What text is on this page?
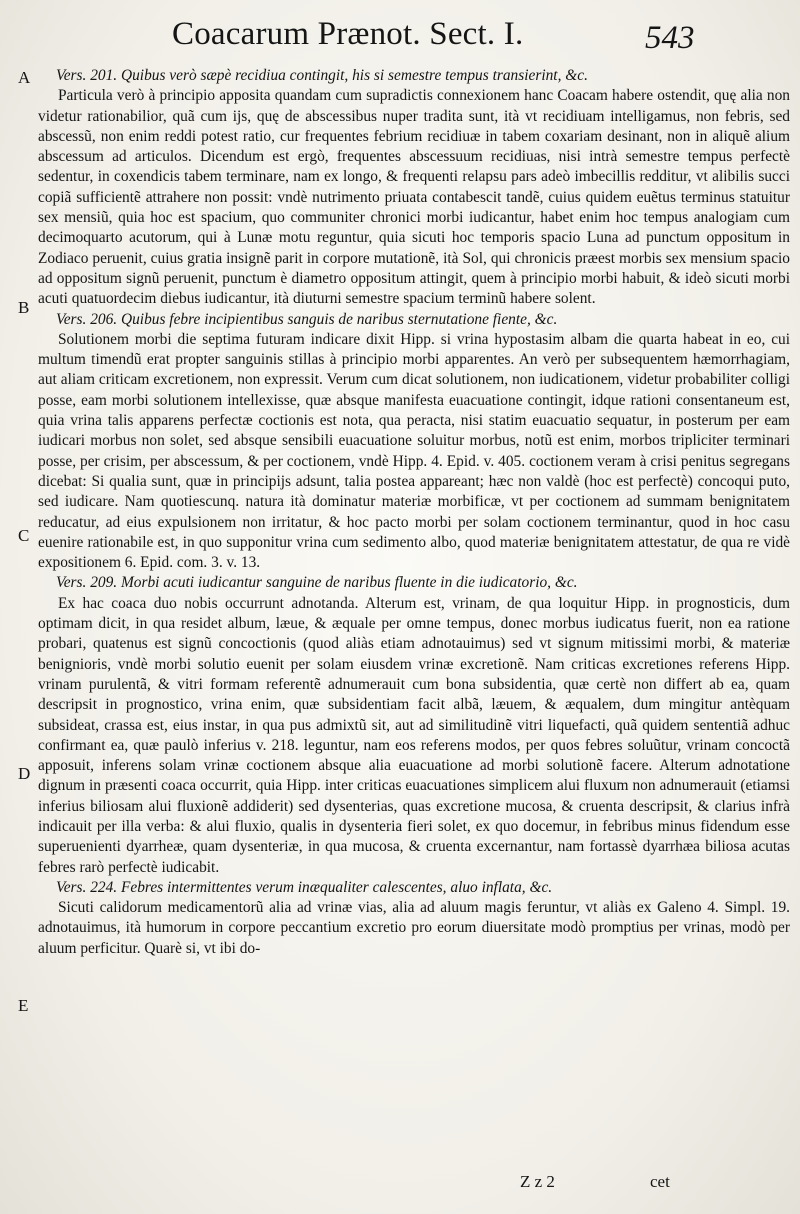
Coacarum Prænot. Sect. I.	543
A
B
C
D
E

Vers. 201. Quibus verò sæpè recidiua contingit, his si semestre tempus transierint, &c.

Particula verò à principio apposita quandam cum supradictis connexionem hanc Coacam habere ostendit, quę alia non videtur rationabilior, quã cum ijs, quę de abscessibus nuper tradita sunt, ità vt recidiuam intelligamus, non febris, sed abscessũ, non enim reddi potest ratio, cur frequentes febrium recidiuæ in tabem coxariam desinant, non in aliquẽ alium abscessum ad articulos. Dicendum est ergò, frequentes abscessuum recidiuas, nisi intrà semestre tempus perfectè sedentur, in coxendicis tabem terminare, nam ex longo, & frequenti relapsu pars adeò imbecillis redditur, vt alibilis succi copiã sufficientẽ attrahere non possit: vndè nutrimento priuata contabescit tandẽ, cuius quidem euẽtus terminus statuitur sex mensiũ, quia hoc est spacium, quo communiter chronici morbi iudicantur, habet enim hoc tempus analogiam cum decimoquarto acutorum, qui à Lunæ motu reguntur, quia sicuti hoc temporis spacio Luna ad punctum oppositum in Zodiaco peruenit, cuius gratia insignẽ parit in corpore mutationẽ, ità Sol, qui chronicis præest morbis sex mensium spacio ad oppositum signũ peruenit, punctum è diametro oppositum attingit, quem à principio morbi habuit, & ideò sicuti morbi acuti quatuordecim diebus iudicantur, ità diuturni semestre spacium terminũ habere solent.

Vers. 206. Quibus febre incipientibus sanguis de naribus sternutatione fiente, &c.

Solutionem morbi die septima futuram indicare dixit Hipp. si vrina hypostasim albam die quarta habeat in eo, cui multum timendũ erat propter sanguinis stillas à principio morbi apparentes. An verò per subsequentem hæmorrhagiam, aut aliam criticam excretionem, non expressit. Verum cum dicat solutionem, non iudicationem, videtur probabiliter colligi posse, eam morbi solutionem intellexisse, quæ absque manifesta euacuatione contingit, idque rationi consentaneum est, quia vrina talis apparens perfectæ coctionis est nota, qua peracta, nisi statim euacuatio sequatur, in posterum per eam iudicari morbus non solet, sed absque sensibili euacuatione soluitur morbus, notũ est enim, morbos tripliciter terminari posse, per crisim, per abscessum, & per coctionem, vndè Hipp. 4. Epid. v. 405. coctionem veram à crisi penitus segregans dicebat: Si qualia sunt, quæ in principijs adsunt, talia postea appareant; hæc non valdè (hoc est perfectè) concoqui puto, sed iudicare. Nam quotiescunq. natura ità dominatur materiæ morbificæ, vt per coctionem ad summam benignitatem reducatur, ad eius expulsionem non irritatur, & hoc pacto morbi per solam coctionem terminantur, quod in hoc casu euenire rationabile est, in quo supponitur vrina cum sedimento albo, quod materiæ benignitatem attestatur, de qua re vidè expositionem 6. Epid. com. 3. v. 13.

Vers. 209. Morbi acuti iudicantur sanguine de naribus fluente in die iudicatorio, &c.

Ex hac coaca duo nobis occurrunt adnotanda. Alterum est, vrinam, de qua loquitur Hipp. in prognosticis, dum optimam dicit, in qua residet album, læue, & æquale per omne tempus, donec morbus iudicatus fuerit, non ea ratione probari, quatenus est signũ concoctionis (quod aliàs etiam adnotauimus) sed vt signum mitissimi morbi, & materiæ benignioris, vndè morbi solutio euenit per solam eiusdem vrinæ excretionẽ. Nam criticas excretiones referens Hipp. vrinam purulentã, & vitri formam referentẽ adnumerauit cum bona subsidentia, quæ certè non differt ab ea, quam descripsit in prognostico, vrina enim, quæ subsidentiam facit albã, læuem, & æqualem, dum mingitur antèquam subsideat, crassa est, eius instar, in qua pus admixtũ sit, aut ad similitudinẽ vitri liquefacti, quã quidem sententiã adhuc confirmant ea, quæ paulò inferius v. 218. leguntur, nam eos referens modos, per quos febres soluũtur, vrinam concoctã apposuit, inferens solam vrinæ coctionem absque alia euacuatione ad morbi solutionẽ facere. Alterum adnotatione dignum in præsenti coaca occurrit, quia Hipp. inter criticas euacuationes simplicem alui fluxum non adnumerauit (etiamsi inferius biliosam alui fluxionẽ addiderit) sed dysenterias, quas excretione mucosa, & cruenta descripsit, & clarius infrà indicauit per illa verba: & alui fluxio, qualis in dysenteria fieri solet, ex quo docemur, in febribus minus fidendum esse superuenienti dyarrheæ, quam dysenteriæ, in qua mucosa, & cruenta excernantur, nam fortassè dyarrhæa biliosa acutas febres rarò perfectè iudicabit.

Vers. 224. Febres intermittentes verum inæqualiter calescentes, aluo inflata, &c.

Sicuti calidorum medicamentorũ alia ad vrinæ vias, alia ad aluum magis feruntur, vt aliàs ex Galeno 4. Simpl. 19. adnotauimus, ità humorum in corpore peccantium excretio pro eorum diuersitate modò promptius per vrinas, modò per aluum perficitur. Quarè si, vt ibi do-

Z z 2	cet
